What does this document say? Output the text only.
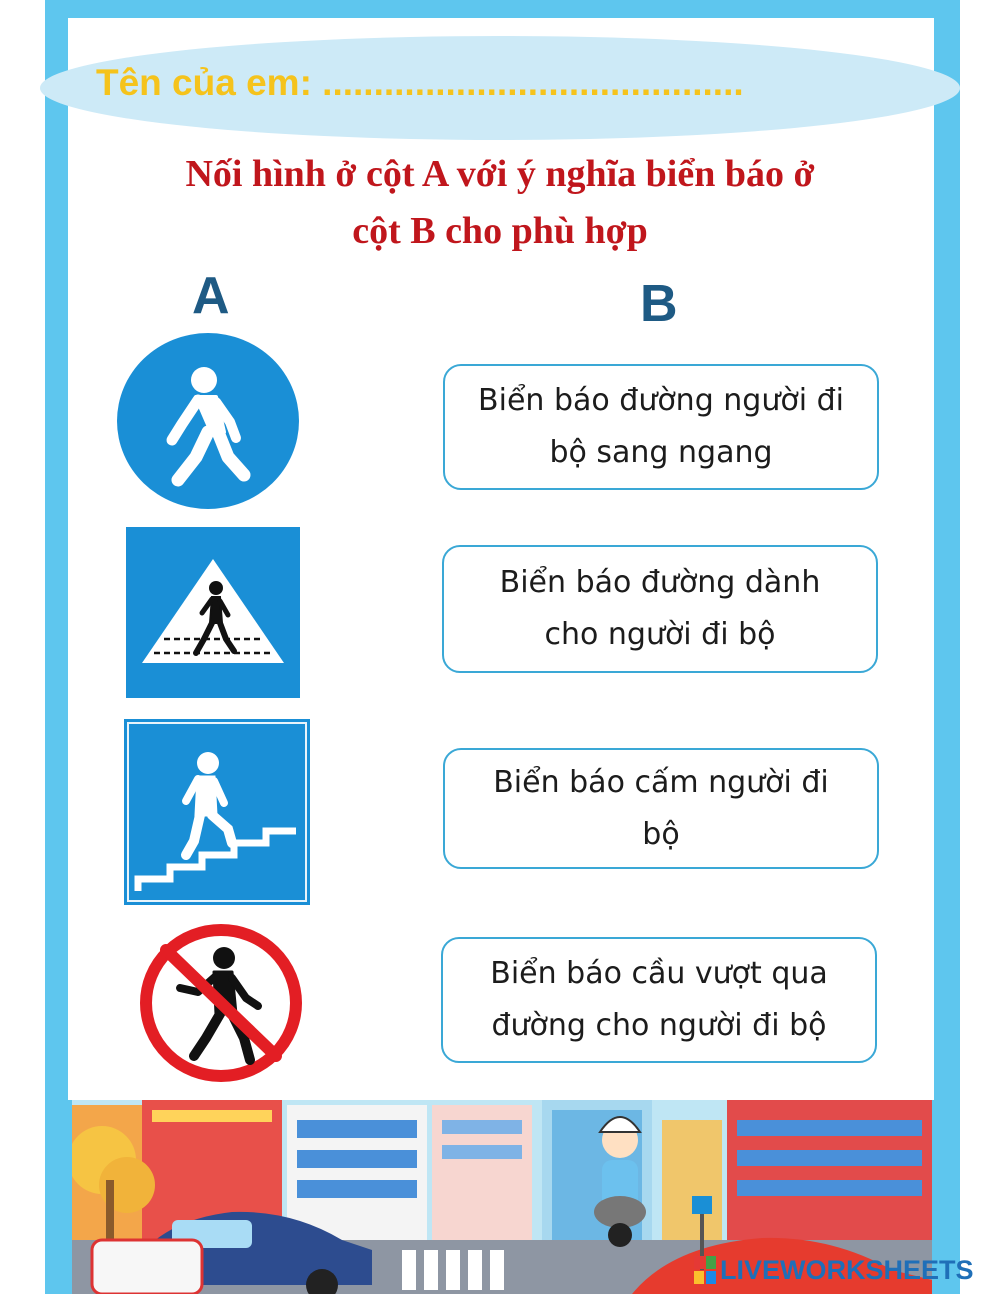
Tên của em: .........................................
Nối hình ở cột A với ý nghĩa biển báo ở
cột B cho phù hợp
A	B
Biển báo đường người đi
bộ sang ngang
Biển báo đường dành
cho người đi bộ
Biển báo cấm người đi
bộ
Biển báo cầu vượt qua
đường cho người đi bộ
LIVEWORKSHEETS
